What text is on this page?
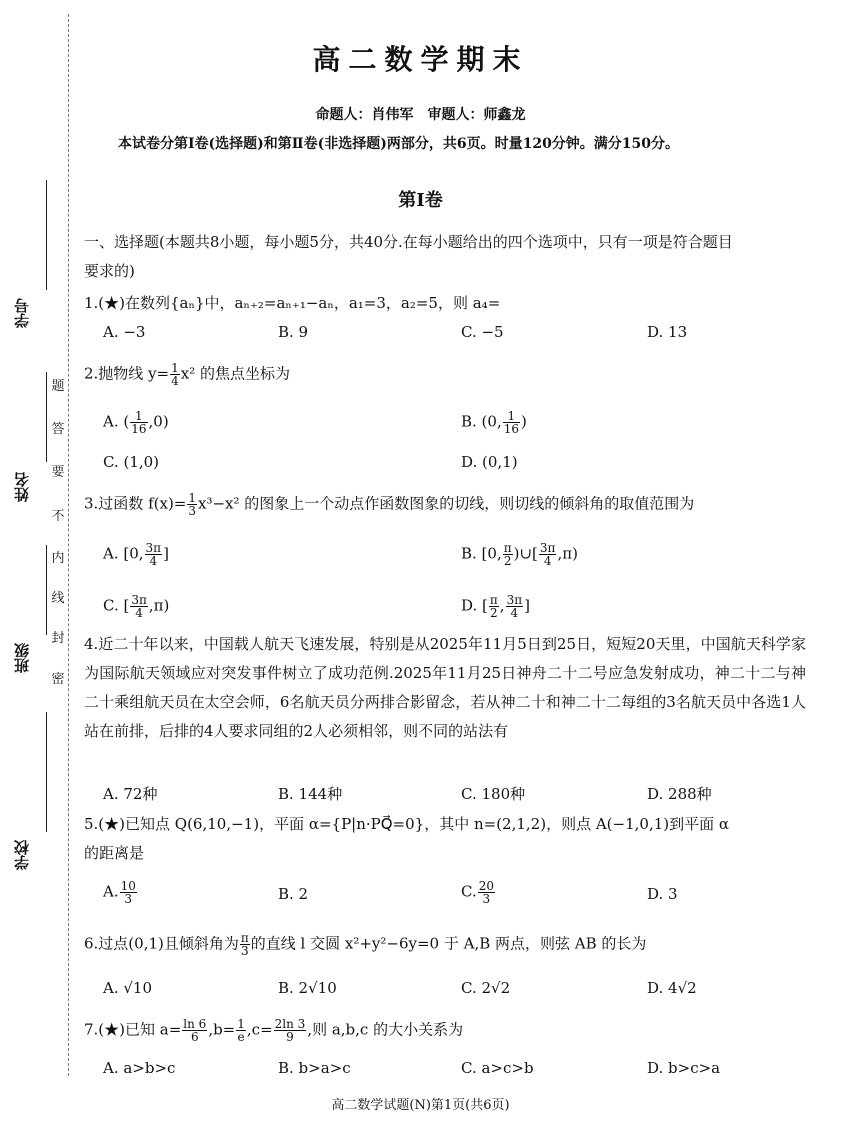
学号
姓名
班级
学校
密
封
线
内
不
要
答
题
高二数学期末
命题人：肖伟军　审题人：师鑫龙
本试卷分第Ⅰ卷(选择题)和第Ⅱ卷(非选择题)两部分，共6页。时量120分钟。满分150分。
第Ⅰ卷
一、选择题(本题共8小题，每小题5分，共40分.在每小题给出的四个选项中，只有一项是符合题目
要求的)
1.(★)在数列{aₙ}中，aₙ₊₂=aₙ₊₁−aₙ，a₁=3，a₂=5，则 a₄=
A. −3	B. 9	C. −5	D. 13
2.抛物线 $y= \frac{1}{4} x^2$ 的焦点坐标为
A. ( $\frac{1}{16} ,0$)	B. (0, $\frac{1}{16}$ )
C. (1,0)	D. (0,1)
3.过函数 $f(x)= \frac{1}{3} x^3-x^2$ 的图象上一个动点作函数图象的切线，则切线的倾斜角的取值范围为
A. [0, $\frac{3\pi}{4}$ ]	B. [0, $\frac{\pi}{2}$ )∪[ $\frac{3\pi}{4} ,\pi$)
C. [ $\frac{3\pi}{4} ,\pi$)	D. [ $\frac{\pi}{2}$ , $\frac{3\pi}{4}$ ]
4.近二十年以来，中国载人航天飞速发展，特别是从2025年11月5日到25日，短短20天里，中国航天科学家为国际航天领域应对突发事件树立了成功范例.2025年11月25日神舟二十二号应急发射成功，神二十二与神二十乘组航天员在太空会师，6名航天员分两排合影留念，若从神二十和神二十二每组的3名航天员中各选1人站在前排，后排的4人要求同组的2人必须相邻，则不同的站法有
A. 72种	B. 144种	C. 180种	D. 288种
5.(★)已知点 Q(6,10,−1)，平面 α={P|n·PQ⃗=0}，其中 n=(2,1,2)，则点 A(−1,0,1)到平面 α
的距离是
A. $\frac{10}{3}$	B. 2	C. $\frac{20}{3}$	D. 3
6.过点(0,1)且倾斜角为 $\frac{\pi}{3}$ 的直线 l 交圆 x²+y²−6y=0 于 A,B 两点，则弦 AB 的长为
A. √10	B. 2√10	C. 2√2	D. 4√2
7.(★)已知 $a= \frac{\ln 6}{6} ,b= \frac{1}{e} ,c= \frac{2\ln 3}{9}$ ,则 a,b,c 的大小关系为
A. a>b>c	B. b>a>c	C. a>c>b	D. b>c>a
高二数学试题(N)第1页(共6页)
